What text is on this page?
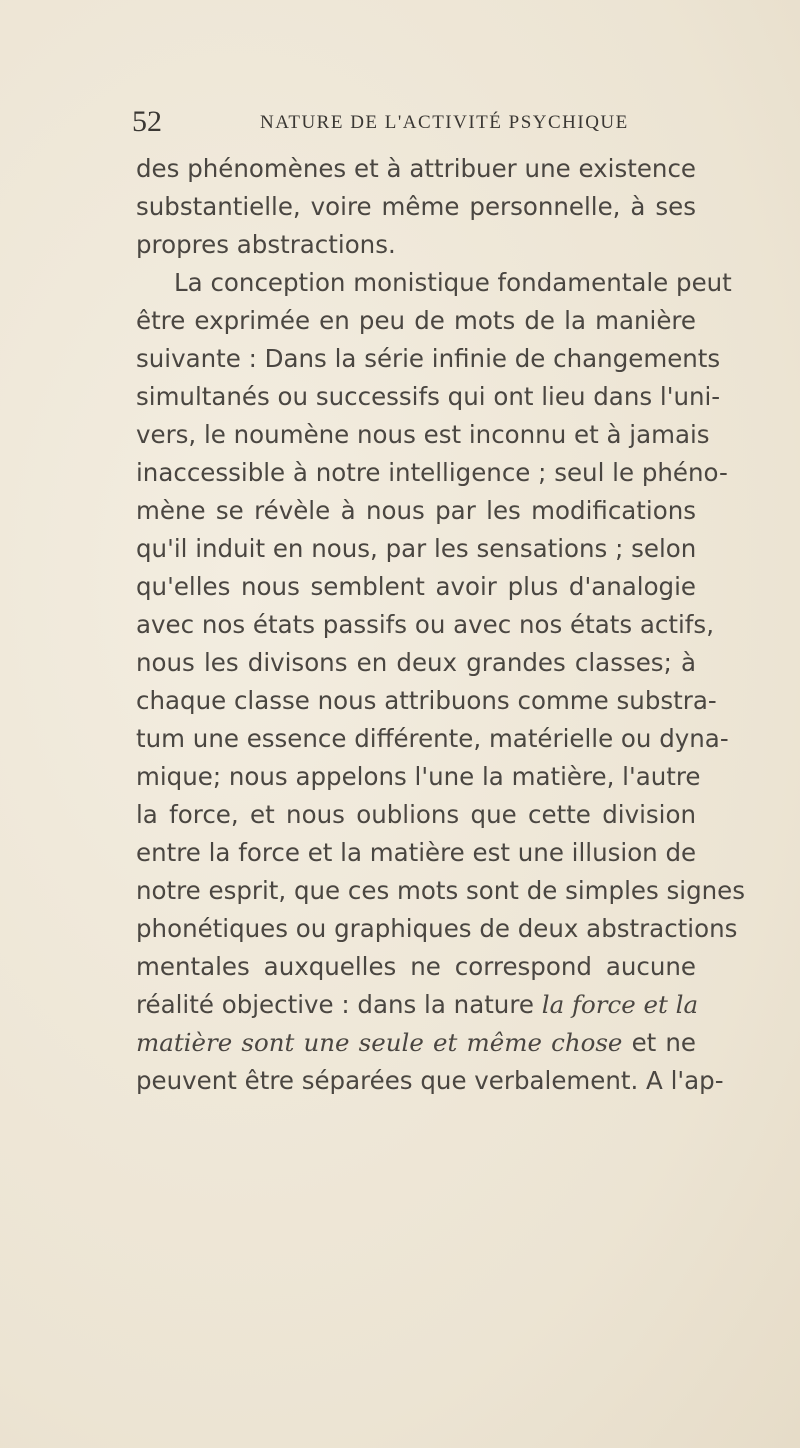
52	NATURE DE L'ACTIVITÉ PSYCHIQUE
des phénomènes et à attribuer une existence
substantielle, voire même personnelle, à ses
propres abstractions.
La conception monistique fondamentale peut
être exprimée en peu de mots de la manière
suivante : Dans la série infinie de changements
simultanés ou successifs qui ont lieu dans l'uni-
vers, le noumène nous est inconnu et à jamais
inaccessible à notre intelligence ; seul le phéno-
mène se révèle à nous par les modifications
qu'il induit en nous, par les sensations ; selon
qu'elles nous semblent avoir plus d'analogie
avec nos états passifs ou avec nos états actifs,
nous les divisons en deux grandes classes; à
chaque classe nous attribuons comme substra-
tum une essence différente, matérielle ou dyna-
mique; nous appelons l'une la matière, l'autre
la force, et nous oublions que cette division
entre la force et la matière est une illusion de
notre esprit, que ces mots sont de simples signes
phonétiques ou graphiques de deux abstractions
mentales auxquelles ne correspond aucune
réalité objective : dans la nature la force et la
matière sont une seule et même chose et ne
peuvent être séparées que verbalement. A l'ap-
